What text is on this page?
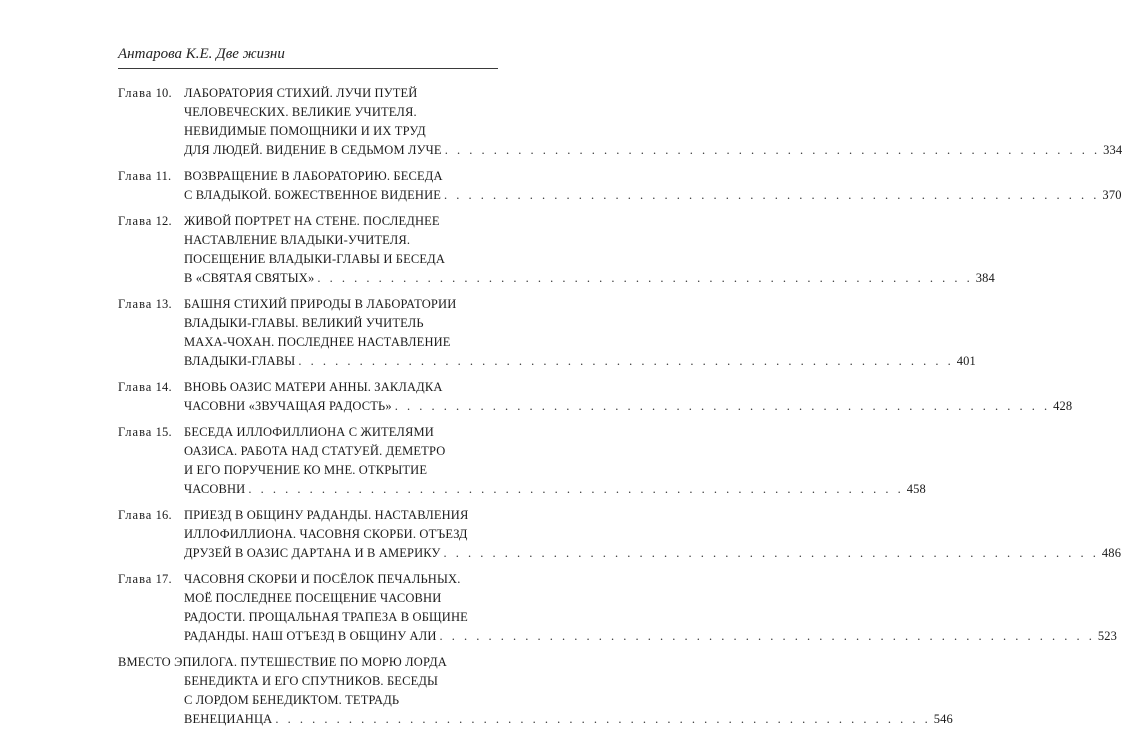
Антарова К.Е. Две жизни
Глава 10. ЛАБОРАТОРИЯ СТИХИЙ. ЛУЧИ ПУТЕЙ
ЧЕЛОВЕЧЕСКИХ. ВЕЛИКИЕ УЧИТЕЛЯ.
НЕВИДИМЫЕ ПОМОЩНИКИ И ИХ ТРУД
ДЛЯ ЛЮДЕЙ. ВИДЕНИЕ В СЕДЬМОМ ЛУЧЕ . . . . . . . . . . . . . . . . . . . . . . . . . . . . . . . . . . . . . . . . . . . . . . . . . . . . . . 334
Глава 11.	ВОЗВРАЩЕНИЕ В ЛАБОРАТОРИЮ. БЕСЕДА
С ВЛАДЫКОЙ. БОЖЕСТВЕННОЕ ВИДЕНИЕ . . . . . . . . . . . . . . . . . . . . . . . . . . . . . . . . . . . . . . . . . . . . . . . . . . . . . . 370
Глава 12. ЖИВОЙ ПОРТРЕТ НА СТЕНЕ. ПОСЛЕДНЕЕ
НАСТАВЛЕНИЕ ВЛАДЫКИ-УЧИТЕЛЯ.
ПОСЕЩЕНИЕ ВЛАДЫКИ-ГЛАВЫ И БЕСЕДА
В «СВЯТАЯ СВЯТЫХ» . . . . . . . . . . . . . . . . . . . . . . . . . . . . . . . . . . . . . . . . . . . . . . . . . . . . . . 384
Глава 13. БАШНЯ СТИХИЙ ПРИРОДЫ В ЛАБОРАТОРИИ
ВЛАДЫКИ-ГЛАВЫ. ВЕЛИКИЙ УЧИТЕЛЬ
МАХА-ЧОХАН. ПОСЛЕДНЕЕ НАСТАВЛЕНИЕ
ВЛАДЫКИ-ГЛАВЫ . . . . . . . . . . . . . . . . . . . . . . . . . . . . . . . . . . . . . . . . . . . . . . . . . . . . . . 401
Глава 14. ВНОВЬ ОАЗИС МАТЕРИ АННЫ. ЗАКЛАДКА
ЧАСОВНИ «ЗВУЧАЩАЯ РАДОСТЬ» . . . . . . . . . . . . . . . . . . . . . . . . . . . . . . . . . . . . . . . . . . . . . . . . . . . . . . 428
Глава 15. БЕСЕДА ИЛЛОФИЛЛИОНА С ЖИТЕЛЯМИ
ОАЗИСА. РАБОТА НАД СТАТУЕЙ. ДЕМЕТРО
И ЕГО ПОРУЧЕНИЕ КО МНЕ. ОТКРЫТИЕ
ЧАСОВНИ . . . . . . . . . . . . . . . . . . . . . . . . . . . . . . . . . . . . . . . . . . . . . . . . . . . . . . 458
Глава 16. ПРИЕЗД В ОБЩИНУ РАДАНДЫ. НАСТАВЛЕНИЯ
ИЛЛОФИЛЛИОНА. ЧАСОВНЯ СКОРБИ. ОТЪЕЗД
ДРУЗЕЙ В ОАЗИС ДАРТАНА И В АМЕРИКУ . . . . . . . . . . . . . . . . . . . . . . . . . . . . . . . . . . . . . . . . . . . . . . . . . . . . . . 486
Глава 17. ЧАСОВНЯ СКОРБИ И ПОСЁЛОК ПЕЧАЛЬНЫХ.
МОЁ ПОСЛЕДНЕЕ ПОСЕЩЕНИЕ ЧАСОВНИ
РАДОСТИ. ПРОЩАЛЬНАЯ ТРАПЕЗА В ОБЩИНЕ
РАДАНДЫ. НАШ ОТЪЕЗД В ОБЩИНУ АЛИ . . . . . . . . . . . . . . . . . . . . . . . . . . . . . . . . . . . . . . . . . . . . . . . . . . . . . . 523
ВМЕСТО ЭПИЛОГА. ПУТЕШЕСТВИЕ ПО МОРЮ ЛОРДА
БЕНЕДИКТА И ЕГО СПУТНИКОВ. БЕСЕДЫ
С ЛОРДОМ БЕНЕДИКТОМ. ТЕТРАДЬ
ВЕНЕЦИАНЦА . . . . . . . . . . . . . . . . . . . . . . . . . . . . . . . . . . . . . . . . . . . . . . . . . . . . . . 546
